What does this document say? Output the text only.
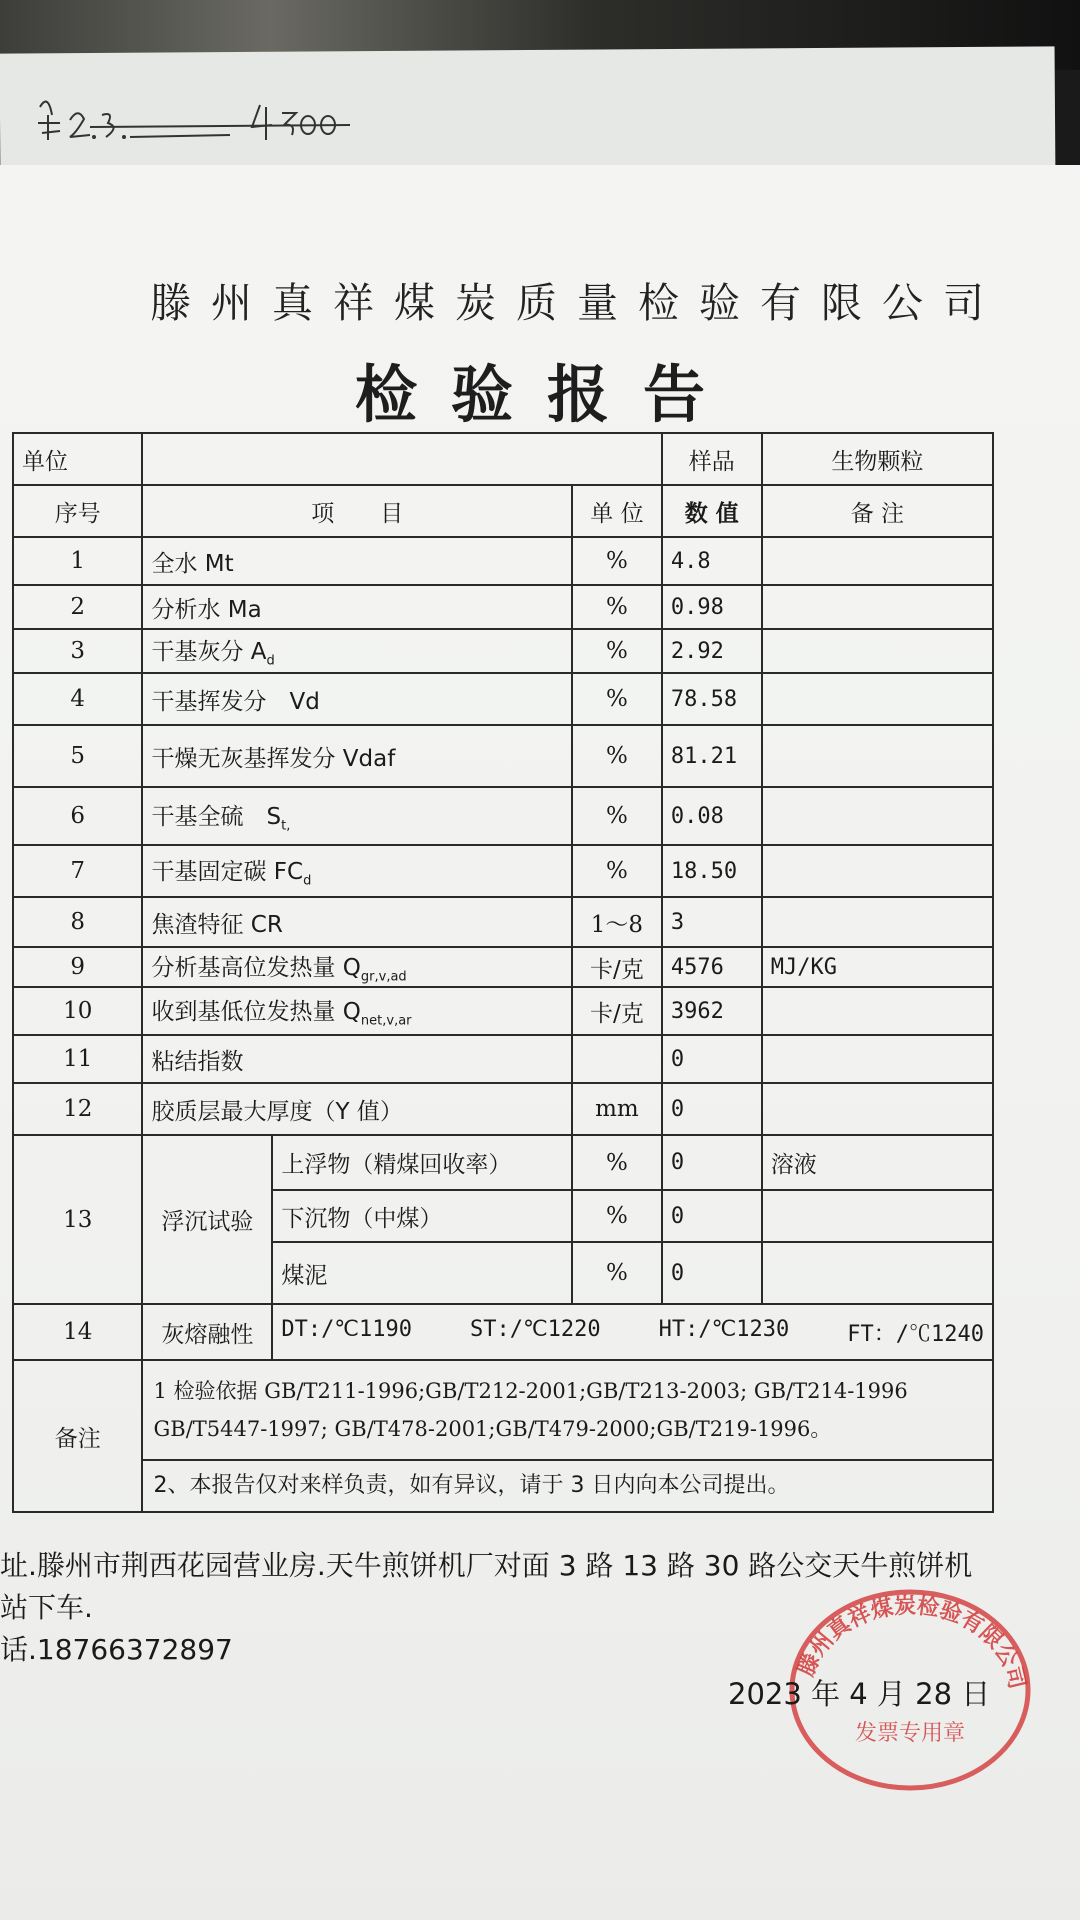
滕州真祥煤炭质量检验有限公司
检验报告
单位				样品	生物颗粒
序号	项　　目		单 位	数 值	备 注
1	全水 Mt		%	4.8	
2	分析水 Ma		%	0.98	
3	干基灰分 $A_d$		%	2.92	
4	干基挥发分　Vd		%	78.58	
5	干燥无灰基挥发分 Vdaf		%	81.21	
6	干基全硫　$S_{t,}$		%	0.08	
7	干基固定碳 $FC_d$		%	18.50	
8	焦渣特征 CR		1～8	3	
9	分析基高位发热量 $Q_{gr,v,ad}$		卡/克	4576	MJ/KG
10	收到基低位发热量 $Q_{net,v,ar}$		卡/克	3962	
11	粘结指数			0	
12	胶质层最大厚度（Y 值）		mm	0	
13	浮沉试验	上浮物（精煤回收率）	%	0	溶液
		下沉物（中煤）	%	0	
		煤泥	%	0	
14	灰熔融性	DT:/℃1190 ST:/℃1220 HT:/℃1230 FT：/℃1240			

备注	1 检验依据 GB/T211-1996;GB/T212-2001;GB/T213-2003; GB/T214-1996 GB/T5447-1997; GB/T478-2001;GB/T479-2000;GB/T219-1996。				
	2、本报告仅对来样负责，如有异议，请于 3 日内向本公司提出。				
址.滕州市荆西花园营业房.天牛煎饼机厂对面 3 路 13 路 30 路公交天牛煎饼机
站下车.
话.18766372897	滕州真祥煤炭检验有限公司
发票专用章
2023 年 4 月 28 日
